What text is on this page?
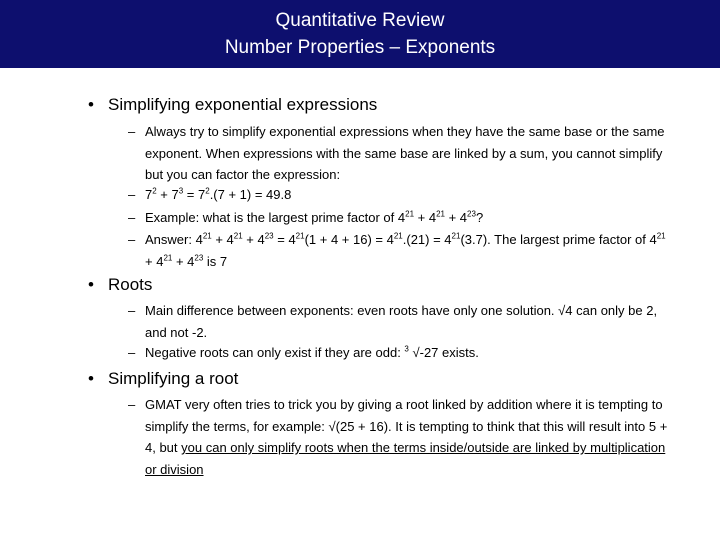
Quantitative Review
Number Properties – Exponents
• Simplifying exponential expressions
– Always try to simplify exponential expressions when they have the same base or the same exponent. When expressions with the same base are linked by a sum, you cannot simplify but you can factor the expression:
– $7^2 + 7^3 = 7^2.(7 + 1) = 49.8$
– Example: what is the largest prime factor of $4^{21} + 4^{21} + 4^{23}$?
– Answer: $4^{21} + 4^{21} + 4^{23} = 4^{21}(1 + 4 + 16) = 4^{21}.(21) = 4^{21}(3.7)$. The largest prime factor of $4^{21} + 4^{21} + 4^{23}$ is 7
• Roots
– Main difference between exponents: even roots have only one solution. √4 can only be 2, and not -2.
– Negative roots can only exist if they are odd: $^3$ √-27 exists.
• Simplifying a root
– GMAT very often tries to trick you by giving a root linked by addition where it is tempting to simplify the terms, for example: √(25 + 16). It is tempting to think that this will result into 5 + 4, but you can only simplify roots when the terms inside/outside are linked by multiplication or division
